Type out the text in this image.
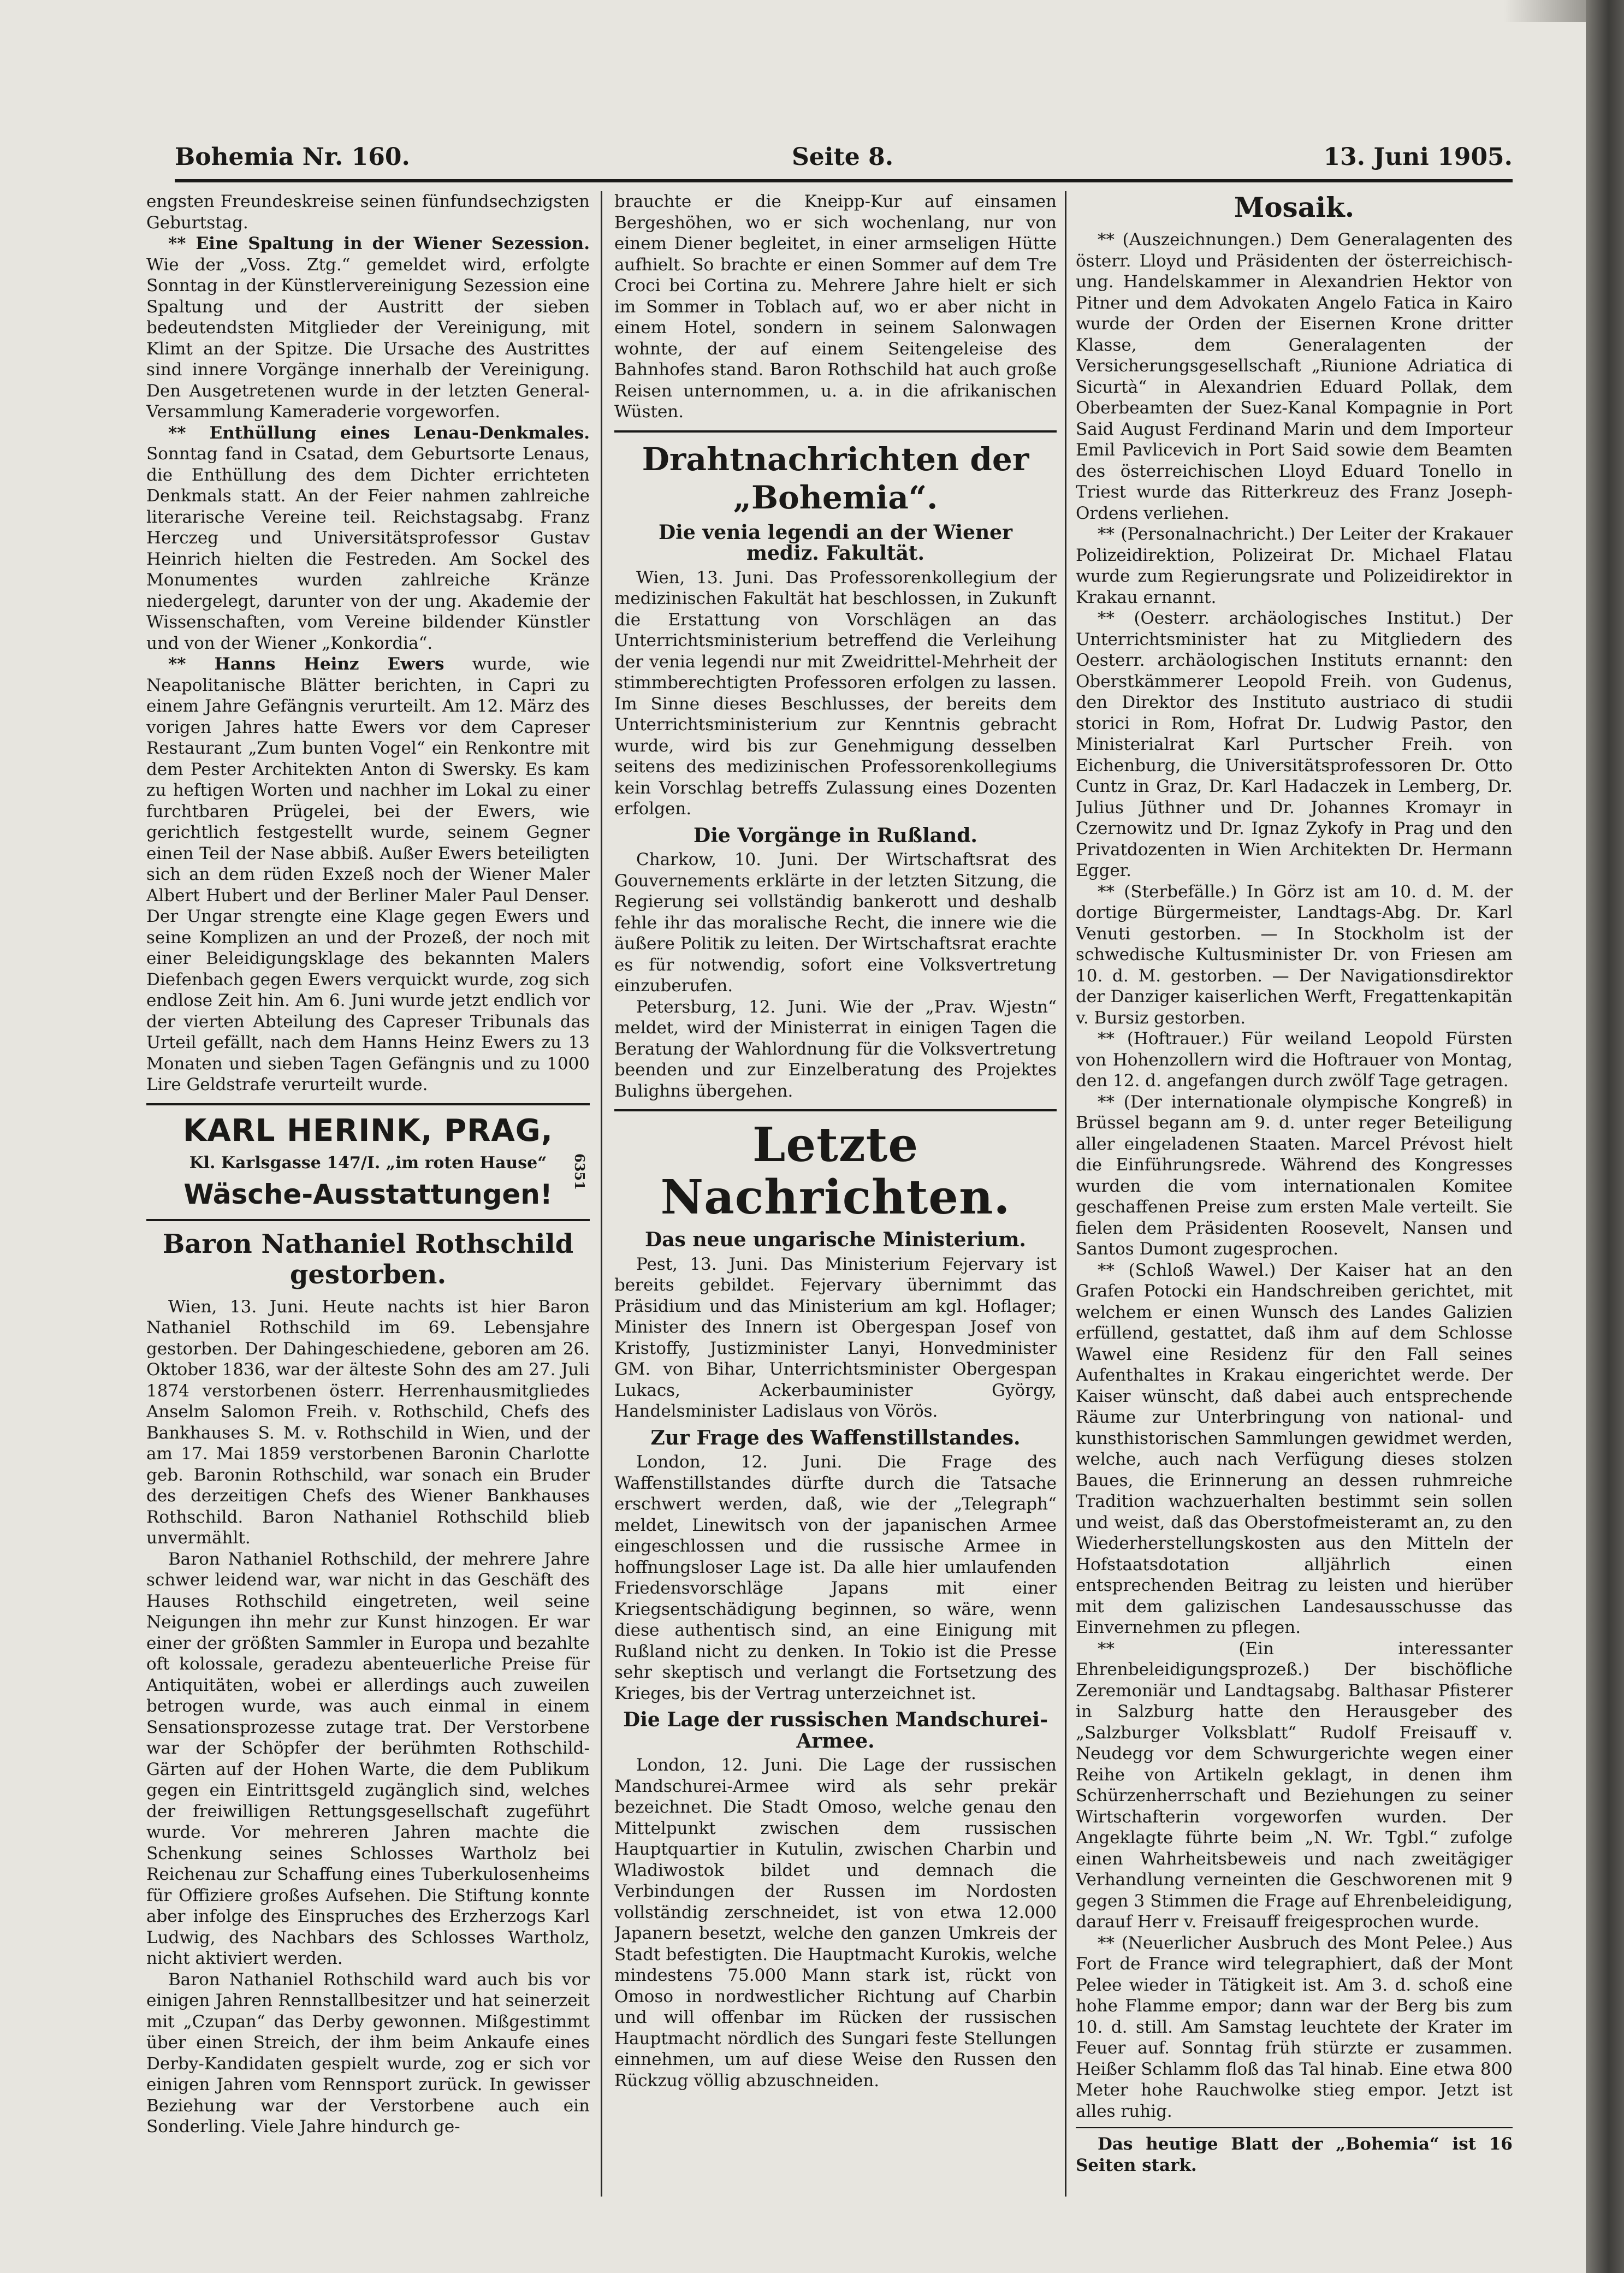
Bohemia Nr. 160.	Seite 8.	13. Juni 1905.

engsten Freundeskreise seinen fünfundsechzigsten Geburtstag.

** Eine Spaltung in der Wiener Sezession. Wie der „Voss. Ztg.“ gemeldet wird, erfolgte Sonntag in der Künstlervereinigung Sezession eine Spaltung und der Austritt der sieben bedeutendsten Mitglieder der Vereinigung, mit Klimt an der Spitze. Die Ursache des Austrittes sind innere Vorgänge innerhalb der Vereinigung. Den Ausgetretenen wurde in der letzten General-Versammlung Kameraderie vorgeworfen.

** Enthüllung eines Lenau-Denkmales. Sonntag fand in Csatad, dem Geburtsorte Lenaus, die Enthüllung des dem Dichter errichteten Denkmals statt. An der Feier nahmen zahlreiche literarische Vereine teil. Reichstagsabg. Franz Herczeg und Universitätsprofessor Gustav Heinrich hielten die Festreden. Am Sockel des Monumentes wurden zahlreiche Kränze niedergelegt, darunter von der ung. Akademie der Wissenschaften, vom Vereine bildender Künstler und von der Wiener „Konkordia“.

** Hanns Heinz Ewers wurde, wie Neapolitanische Blätter berichten, in Capri zu einem Jahre Gefängnis verurteilt. Am 12. März des vorigen Jahres hatte Ewers vor dem Capreser Restaurant „Zum bunten Vogel“ ein Renkontre mit dem Pester Architekten Anton di Swersky. Es kam zu heftigen Worten und nachher im Lokal zu einer furchtbaren Prügelei, bei der Ewers, wie gerichtlich festgestellt wurde, seinem Gegner einen Teil der Nase abbiß. Außer Ewers beteiligten sich an dem rüden Exzeß noch der Wiener Maler Albert Hubert und der Berliner Maler Paul Denser. Der Ungar strengte eine Klage gegen Ewers und seine Komplizen an und der Prozeß, der noch mit einer Beleidigungsklage des bekannten Malers Diefenbach gegen Ewers verquickt wurde, zog sich endlose Zeit hin. Am 6. Juni wurde jetzt endlich vor der vierten Abteilung des Capreser Tribunals das Urteil gefällt, nach dem Hanns Heinz Ewers zu 13 Monaten und sieben Tagen Gefängnis und zu 1000 Lire Geldstrafe verurteilt wurde.

KARL HERINK, PRAG,
Kl. Karlsgasse 147/I. „im roten Hause“
Wäsche-Ausstattungen!
6351
Baron Nathaniel Rothschild
gestorben.

Wien, 13. Juni. Heute nachts ist hier Baron Nathaniel Rothschild im 69. Lebensjahre gestorben. Der Dahingeschiedene, geboren am 26. Oktober 1836, war der älteste Sohn des am 27. Juli 1874 verstorbenen österr. Herrenhausmitgliedes Anselm Salomon Freih. v. Rothschild, Chefs des Bankhauses S. M. v. Rothschild in Wien, und der am 17. Mai 1859 verstorbenen Baronin Charlotte geb. Baronin Rothschild, war sonach ein Bruder des derzeitigen Chefs des Wiener Bankhauses Rothschild. Baron Nathaniel Rothschild blieb unvermählt.

Baron Nathaniel Rothschild, der mehrere Jahre schwer leidend war, war nicht in das Geschäft des Hauses Rothschild eingetreten, weil seine Neigungen ihn mehr zur Kunst hinzogen. Er war einer der größten Sammler in Europa und bezahlte oft kolossale, geradezu abenteuerliche Preise für Antiquitäten, wobei er allerdings auch zuweilen betrogen wurde, was auch einmal in einem Sensationsprozesse zutage trat. Der Verstorbene war der Schöpfer der berühmten Rothschild-Gärten auf der Hohen Warte, die dem Publikum gegen ein Eintrittsgeld zugänglich sind, welches der freiwilligen Rettungsgesellschaft zugeführt wurde. Vor mehreren Jahren machte die Schenkung seines Schlosses Wartholz bei Reichenau zur Schaffung eines Tuberkulosenheims für Offiziere großes Aufsehen. Die Stiftung konnte aber infolge des Einspruches des Erzherzogs Karl Ludwig, des Nachbars des Schlosses Wartholz, nicht aktiviert werden.

Baron Nathaniel Rothschild ward auch bis vor einigen Jahren Rennstallbesitzer und hat seinerzeit mit „Czupan“ das Derby gewonnen. Mißgestimmt über einen Streich, der ihm beim Ankaufe eines Derby-Kandidaten gespielt wurde, zog er sich vor einigen Jahren vom Rennsport zurück. In gewisser Beziehung war der Verstorbene auch ein Sonderling. Viele Jahre hindurch ge-

brauchte er die Kneipp-Kur auf einsamen Bergeshöhen, wo er sich wochenlang, nur von einem Diener begleitet, in einer armseligen Hütte aufhielt. So brachte er einen Sommer auf dem Tre Croci bei Cortina zu. Mehrere Jahre hielt er sich im Sommer in Toblach auf, wo er aber nicht in einem Hotel, sondern in seinem Salonwagen wohnte, der auf einem Seitengeleise des Bahnhofes stand. Baron Rothschild hat auch große Reisen unternommen, u. a. in die afrikanischen Wüsten.

Drahtnachrichten der „Bohemia“.
Die venia legendi an der Wiener
mediz. Fakultät.

Wien, 13. Juni. Das Professorenkollegium der medizinischen Fakultät hat beschlossen, in Zukunft die Erstattung von Vorschlägen an das Unterrichtsministerium betreffend die Verleihung der venia legendi nur mit Zweidrittel-Mehrheit der stimmberechtigten Professoren erfolgen zu lassen. Im Sinne dieses Beschlusses, der bereits dem Unterrichtsministerium zur Kenntnis gebracht wurde, wird bis zur Genehmigung desselben seitens des medizinischen Professorenkollegiums kein Vorschlag betreffs Zulassung eines Dozenten erfolgen.

Die Vorgänge in Rußland.

Charkow, 10. Juni. Der Wirtschaftsrat des Gouvernements erklärte in der letzten Sitzung, die Regierung sei vollständig bankerott und deshalb fehle ihr das moralische Recht, die innere wie die äußere Politik zu leiten. Der Wirtschaftsrat erachte es für notwendig, sofort eine Volksvertretung einzuberufen.

Petersburg, 12. Juni. Wie der „Prav. Wjestn“ meldet, wird der Ministerrat in einigen Tagen die Beratung der Wahlordnung für die Volksvertretung beenden und zur Einzelberatung des Projektes Bulighns übergehen.

Letzte Nachrichten.
Das neue ungarische Ministerium.

Pest, 13. Juni. Das Ministerium Fejervary ist bereits gebildet. Fejervary übernimmt das Präsidium und das Ministerium am kgl. Hoflager; Minister des Innern ist Obergespan Josef von Kristoffy, Justizminister Lanyi, Honvedminister GM. von Bihar, Unterrichtsminister Obergespan Lukacs, Ackerbauminister György, Handelsminister Ladislaus von Vörös.

Zur Frage des Waffenstillstandes.

London, 12. Juni. Die Frage des Waffenstillstandes dürfte durch die Tatsache erschwert werden, daß, wie der „Telegraph“ meldet, Linewitsch von der japanischen Armee eingeschlossen und die russische Armee in hoffnungsloser Lage ist. Da alle hier umlaufenden Friedensvorschläge Japans mit einer Kriegsentschädigung beginnen, so wäre, wenn diese authentisch sind, an eine Einigung mit Rußland nicht zu denken. In Tokio ist die Presse sehr skeptisch und verlangt die Fortsetzung des Krieges, bis der Vertrag unterzeichnet ist.

Die Lage der russischen Mandschurei-Armee.

London, 12. Juni. Die Lage der russischen Mandschurei-Armee wird als sehr prekär bezeichnet. Die Stadt Omoso, welche genau den Mittelpunkt zwischen dem russischen Hauptquartier in Kutulin, zwischen Charbin und Wladiwostok bildet und demnach die Verbindungen der Russen im Nordosten vollständig zerschneidet, ist von etwa 12.000 Japanern besetzt, welche den ganzen Umkreis der Stadt befestigten. Die Hauptmacht Kurokis, welche mindestens 75.000 Mann stark ist, rückt von Omoso in nordwestlicher Richtung auf Charbin und will offenbar im Rücken der russischen Hauptmacht nördlich des Sungari feste Stellungen einnehmen, um auf diese Weise den Russen den Rückzug völlig abzuschneiden.

Mosaik.

** (Auszeichnungen.) Dem Generalagenten des österr. Lloyd und Präsidenten der österreichisch-ung. Handelskammer in Alexandrien Hektor von Pitner und dem Advokaten Angelo Fatica in Kairo wurde der Orden der Eisernen Krone dritter Klasse, dem Generalagenten der Versicherungsgesellschaft „Riunione Adriatica di Sicurtà“ in Alexandrien Eduard Pollak, dem Oberbeamten der Suez-Kanal Kompagnie in Port Said August Ferdinand Marin und dem Importeur Emil Pavlicevich in Port Said sowie dem Beamten des österreichischen Lloyd Eduard Tonello in Triest wurde das Ritterkreuz des Franz Joseph-Ordens verliehen.

** (Personalnachricht.) Der Leiter der Krakauer Polizeidirektion, Polizeirat Dr. Michael Flatau wurde zum Regierungsrate und Polizeidirektor in Krakau ernannt.

** (Oesterr. archäologisches Institut.) Der Unterrichtsminister hat zu Mitgliedern des Oesterr. archäologischen Instituts ernannt: den Oberstkämmerer Leopold Freih. von Gudenus, den Direktor des Instituto austriaco di studii storici in Rom, Hofrat Dr. Ludwig Pastor, den Ministerialrat Karl Purtscher Freih. von Eichenburg, die Universitätsprofessoren Dr. Otto Cuntz in Graz, Dr. Karl Hadaczek in Lemberg, Dr. Julius Jüthner und Dr. Johannes Kromayr in Czernowitz und Dr. Ignaz Zykofy in Prag und den Privatdozenten in Wien Architekten Dr. Hermann Egger.

** (Sterbefälle.) In Görz ist am 10. d. M. der dortige Bürgermeister, Landtags-Abg. Dr. Karl Venuti gestorben. — In Stockholm ist der schwedische Kultusminister Dr. von Friesen am 10. d. M. gestorben. — Der Navigationsdirektor der Danziger kaiserlichen Werft, Fregattenkapitän v. Bursiz gestorben.

** (Hoftrauer.) Für weiland Leopold Fürsten von Hohenzollern wird die Hoftrauer von Montag, den 12. d. angefangen durch zwölf Tage getragen.

** (Der internationale olympische Kongreß) in Brüssel begann am 9. d. unter reger Beteiligung aller eingeladenen Staaten. Marcel Prévost hielt die Einführungsrede. Während des Kongresses wurden die vom internationalen Komitee geschaffenen Preise zum ersten Male verteilt. Sie fielen dem Präsidenten Roosevelt, Nansen und Santos Dumont zugesprochen.

** (Schloß Wawel.) Der Kaiser hat an den Grafen Potocki ein Handschreiben gerichtet, mit welchem er einen Wunsch des Landes Galizien erfüllend, gestattet, daß ihm auf dem Schlosse Wawel eine Residenz für den Fall seines Aufenthaltes in Krakau eingerichtet werde. Der Kaiser wünscht, daß dabei auch entsprechende Räume zur Unterbringung von national- und kunsthistorischen Sammlungen gewidmet werden, welche, auch nach Verfügung dieses stolzen Baues, die Erinnerung an dessen ruhmreiche Tradition wachzuerhalten bestimmt sein sollen und weist, daß das Oberstofmeisteramt an, zu den Wiederherstellungskosten aus den Mitteln der Hofstaatsdotation alljährlich einen entsprechenden Beitrag zu leisten und hierüber mit dem galizischen Landesausschusse das Einvernehmen zu pflegen.

** (Ein interessanter Ehrenbeleidigungsprozeß.) Der bischöfliche Zeremoniär und Landtagsabg. Balthasar Pfisterer in Salzburg hatte den Herausgeber des „Salzburger Volksblatt“ Rudolf Freisauff v. Neudegg vor dem Schwurgerichte wegen einer Reihe von Artikeln geklagt, in denen ihm Schürzenherrschaft und Beziehungen zu seiner Wirtschafterin vorgeworfen wurden. Der Angeklagte führte beim „N. Wr. Tgbl.“ zufolge einen Wahrheitsbeweis und nach zweitägiger Verhandlung verneinten die Geschworenen mit 9 gegen 3 Stimmen die Frage auf Ehrenbeleidigung, darauf Herr v. Freisauff freigesprochen wurde.

** (Neuerlicher Ausbruch des Mont Pelee.) Aus Fort de France wird telegraphiert, daß der Mont Pelee wieder in Tätigkeit ist. Am 3. d. schoß eine hohe Flamme empor; dann war der Berg bis zum 10. d. still. Am Samstag leuchtete der Krater im Feuer auf. Sonntag früh stürzte er zusammen. Heißer Schlamm floß das Tal hinab. Eine etwa 800 Meter hohe Rauchwolke stieg empor. Jetzt ist alles ruhig.

Das heutige Blatt der „Bohemia“ ist 16 Seiten stark.
